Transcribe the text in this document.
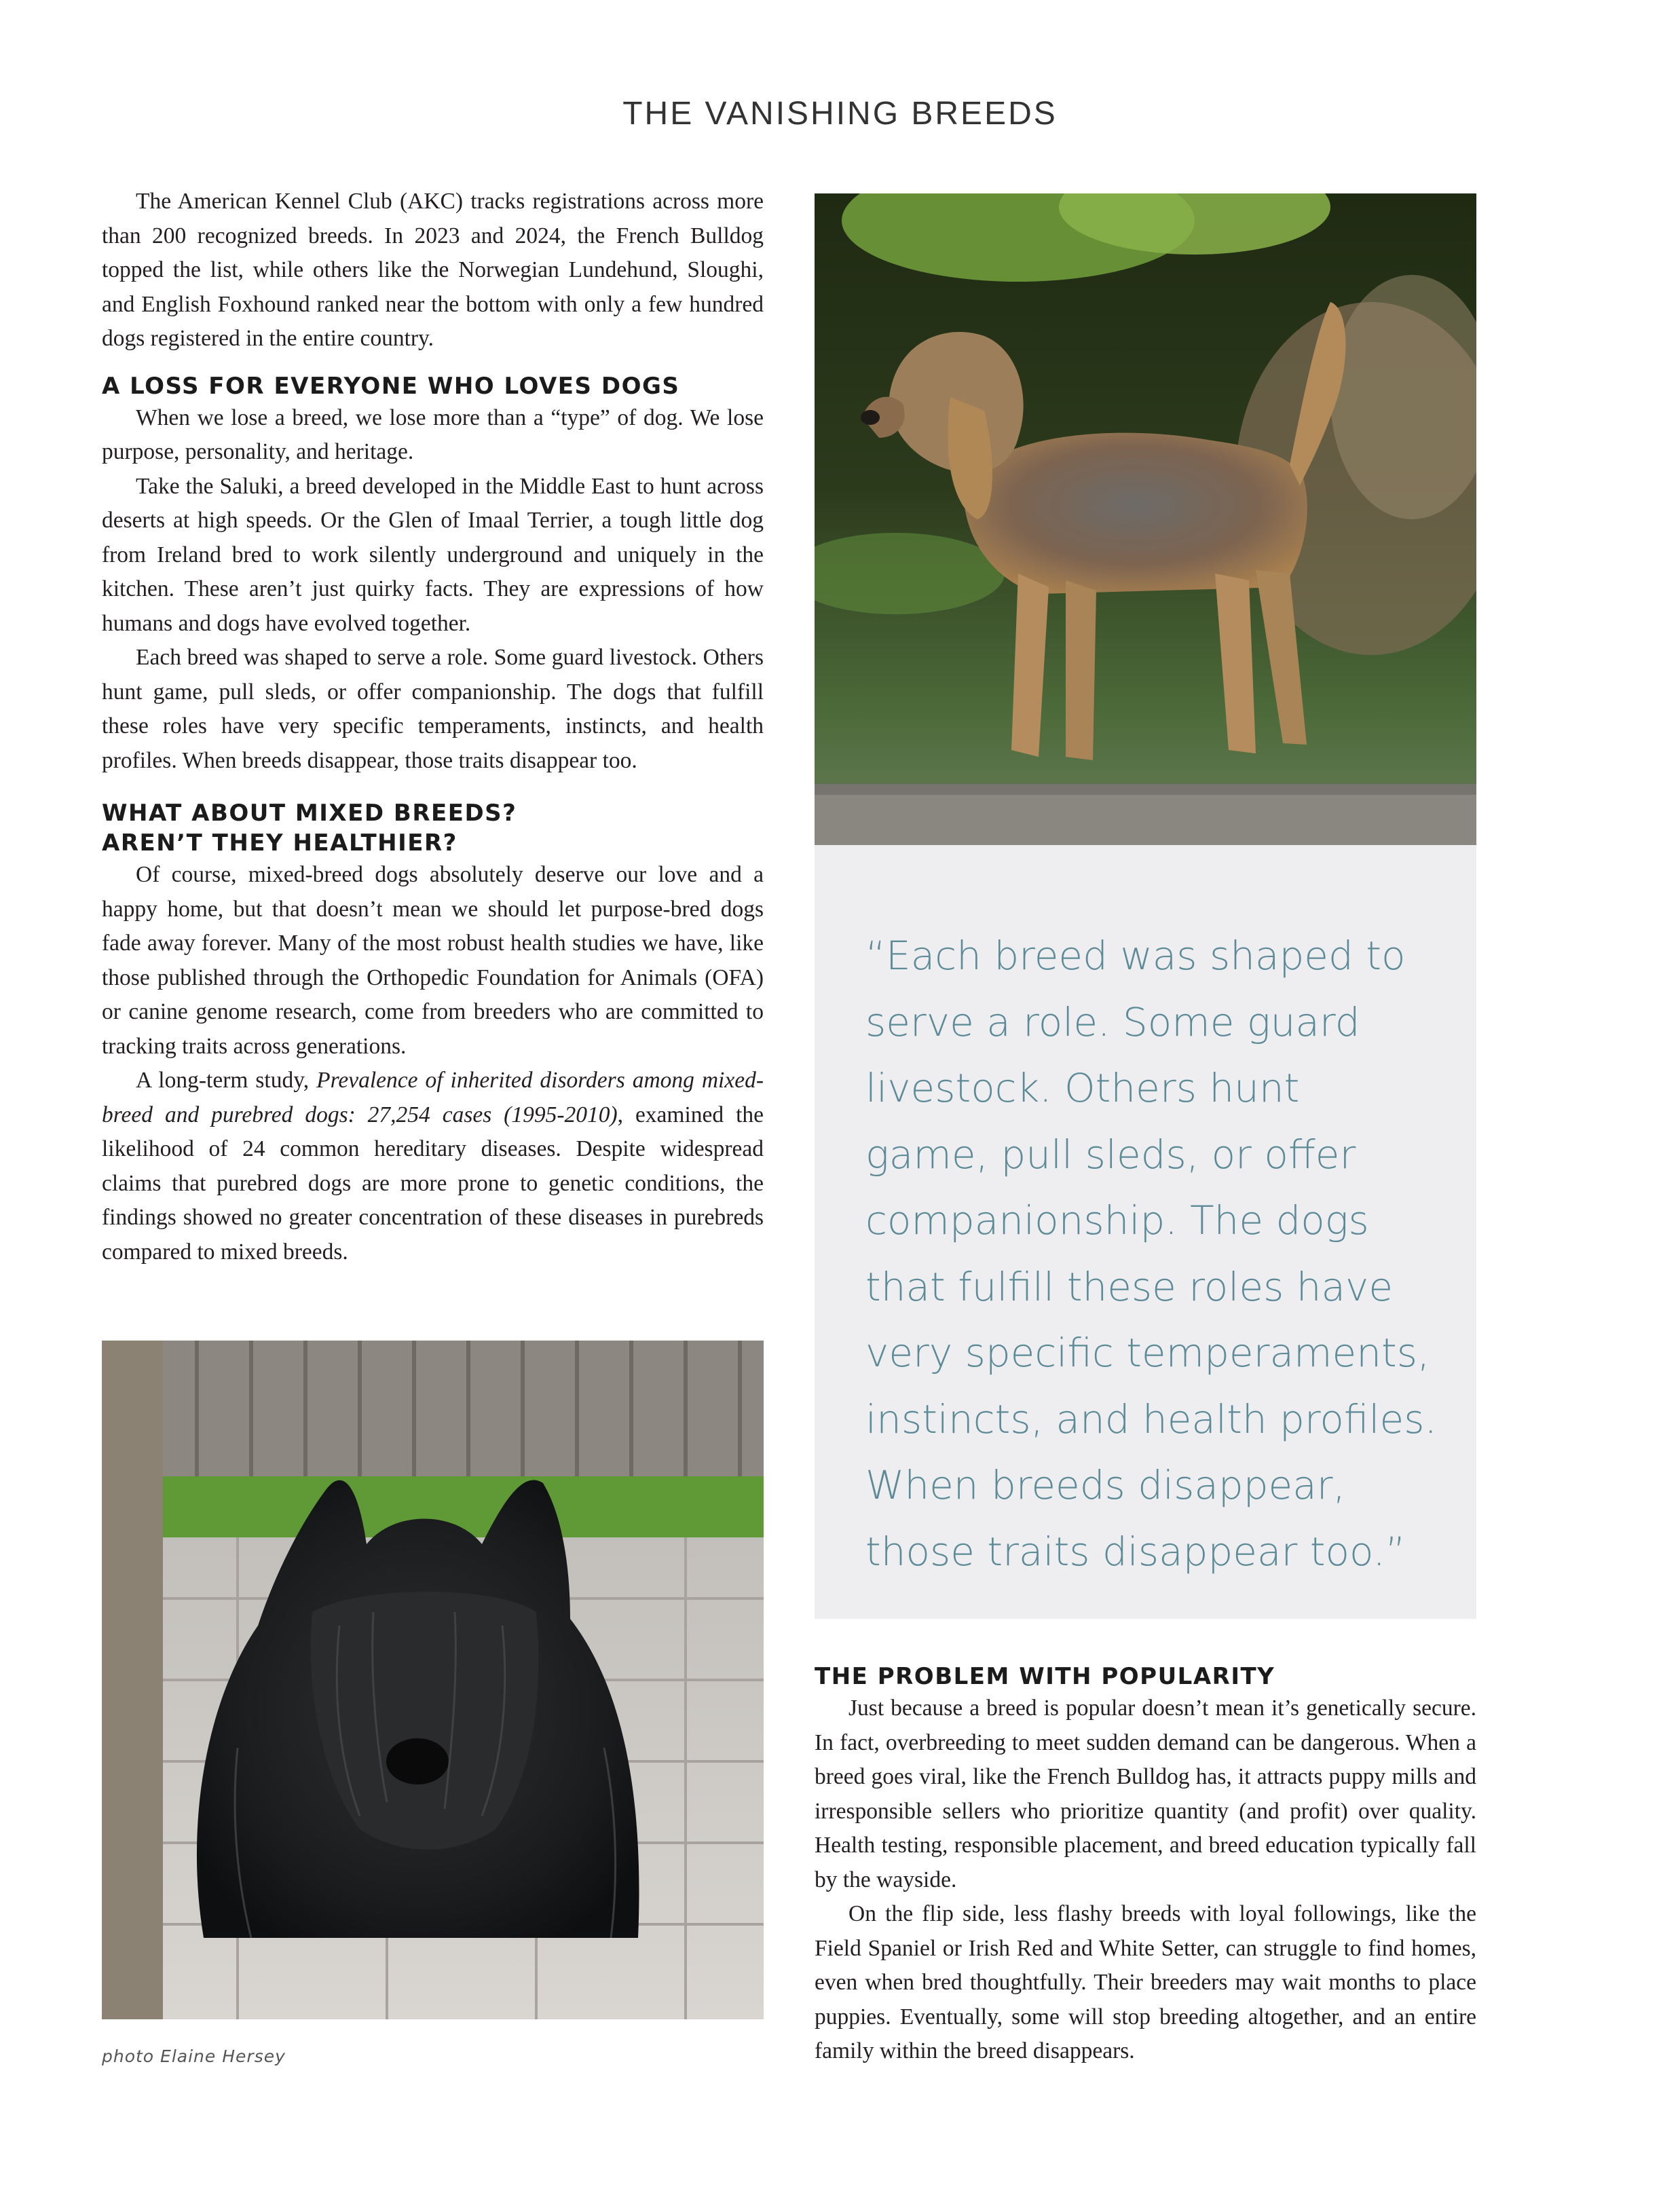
THE VANISHING BREEDS

The American Kennel Club (AKC) tracks registrations across more than 200 recognized breeds. In 2023 and 2024, the French Bulldog topped the list, while others like the Norwegian Lundehund, Sloughi, and English Foxhound ranked near the bottom with only a few hundred dogs registered in the entire country.

A LOSS FOR EVERYONE WHO LOVES DOGS

When we lose a breed, we lose more than a “type” of dog. We lose purpose, personality, and heritage.

Take the Saluki, a breed developed in the Middle East to hunt across deserts at high speeds. Or the Glen of Imaal Terrier, a tough little dog from Ireland bred to work silently underground and uniquely in the kitchen. These aren’t just quirky facts. They are expressions of how humans and dogs have evolved together.

Each breed was shaped to serve a role. Some guard livestock. Others hunt game, pull sleds, or offer companionship. The dogs that fulfill these roles have very specific temperaments, instincts, and health profiles. When breeds disappear, those traits disappear too.

WHAT ABOUT MIXED BREEDS?
AREN’T THEY HEALTHIER?

Of course, mixed-breed dogs absolutely deserve our love and a happy home, but that doesn’t mean we should let purpose-bred dogs fade away forever. Many of the most robust health studies we have, like those published through the Orthopedic Foundation for Animals (OFA) or canine genome research, come from breeders who are committed to tracking traits across generations.

A long-term study, Prevalence of inherited disorders among mixed-breed and purebred dogs: 27,254 cases (1995-2010), examined the likelihood of 24 common hereditary diseases. Despite widespread claims that purebred dogs are more prone to genetic conditions, the findings showed no greater concentration of these diseases in purebreds compared to mixed breeds.

“Each breed was shaped to
serve a role. Some guard
livestock. Others hunt
game, pull sleds, or offer
companionship. The dogs
that fulfill these roles have
very specific temperaments,
instincts, and health profiles.
When breeds disappear,
those traits disappear too.”
photo Elaine Hersey
THE PROBLEM WITH POPULARITY

Just because a breed is popular doesn’t mean it’s genetically secure. In fact, overbreeding to meet sudden demand can be dangerous. When a breed goes viral, like the French Bulldog has, it attracts puppy mills and irresponsible sellers who prioritize quantity (and profit) over quality. Health testing, responsible placement, and breed education typically fall by the wayside.

On the flip side, less flashy breeds with loyal followings, like the Field Spaniel or Irish Red and White Setter, can struggle to find homes, even when bred thoughtfully. Their breeders may wait months to place puppies. Eventually, some will stop breeding altogether, and an entire family within the breed disappears.
